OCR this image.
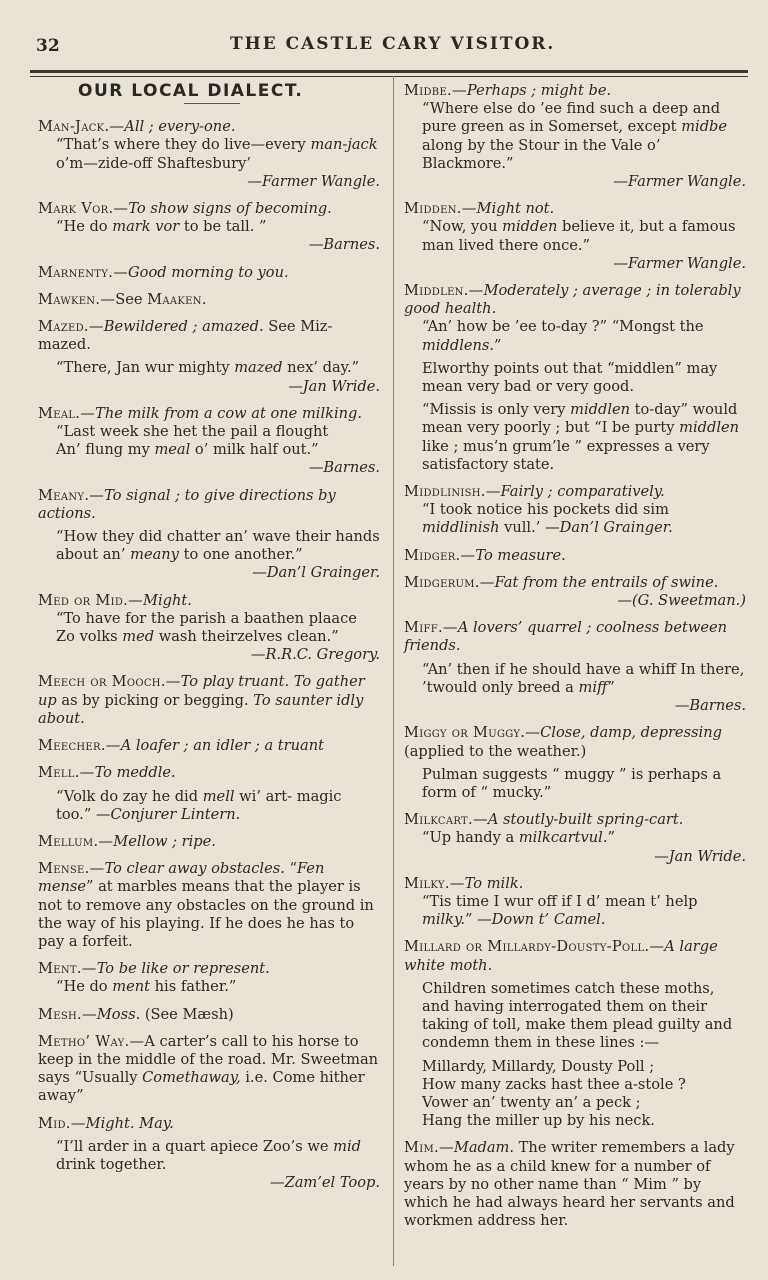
32	THE CASTLE CARY VISITOR.
OUR LOCAL DIALECT.
Man-Jack.—All ; every-one.
“That’s where they do live—every man-jack o’m—zide-off Shaftesbury’
—Farmer Wangle.
Mark Vor.—To show signs of becoming.
“He do mark vor to be tall. ”
—Barnes.
Marnenty.—Good morning to you.
Mawken.—See Maaken.
Mazed.—Bewildered ; amazed. See Miz-mazed.
“There, Jan wur mighty mazed nex’ day.”
—Jan Wride.
Meal.—The milk from a cow at one milking.
“Last week she het the pail a flought
An’ flung my meal o’ milk half out.”
—Barnes.
Meany.—To signal ; to give directions by actions.
“How they did chatter an’ wave their hands about an’ meany to one another.”
—Dan’l Grainger.
Med or Mid.—Might.
“To have for the parish a baathen plaace
Zo volks med wash theirzelves clean.”
—R.R.C. Gregory.
Meech or Mooch.—To play truant. To gather up as by picking or begging. To saunter idly about.
Meecher.—A loafer ; an idler ; a truant
Mell.—To meddle.
“Volk do zay he did mell wi’ art- magic too.” —Conjurer Lintern.
Mellum.—Mellow ; ripe.
Mense.—To clear away obstacles. “Fen mense” at marbles means that the player is not to remove any obstacles on the ground in the way of his playing. If he does he has to pay a forfeit.
Ment.—To be like or represent.
“He do ment his father.”
Mesh.—Moss. (See Mæsh)
Metho’ Way.—A carter’s call to his horse to keep in the middle of the road. Mr. Sweetman says “Usually Comethaway, i.e. Come hither away”
Mid.—Might. May.
“I’ll arder in a quart apiece Zoo’s we mid drink together.
—Zam’el Toop.
Midbe.—Perhaps ; might be.
“Where else do ’ee find such a deep and pure green as in Somerset, except midbe along by the Stour in the Vale o’ Blackmore.”
—Farmer Wangle.
Midden.—Might not.
“Now, you midden believe it, but a famous man lived there once.”
—Farmer Wangle.
Middlen.—Moderately ; average ; in tolerably good health.
“An’ how be ’ee to-day ?” “Mongst the middlens.”
Elworthy points out that “middlen” may mean very bad or very good.
“Missis is only very middlen to-day” would mean very poorly ; but “I be purty middlen like ; mus’n grum’le ” expresses a very satisfactory state.
Middlinish.—Fairly ; comparatively.
“I took notice his pockets did sim middlinish vull.’ —Dan’l Grainger.
Midger.—To measure.
Midgerum.—Fat from the entrails of swine.
—(G. Sweetman.)
Miff.—A lovers’ quarrel ; coolness between friends.
“An’ then if he should have a whiff In there, ’twould only breed a miff”
—Barnes.
Miggy or Muggy.—Close, damp, depressing (applied to the weather.)
Pulman suggests “ muggy ” is perhaps a form of “ mucky.”
Milkcart.—A stoutly-built spring-cart.
“Up handy a milkcartvul.”
—Jan Wride.
Milky.—To milk.
“Tis time I wur off if I d’ mean t’ help milky.” —Down t’ Camel.
Millard or Millardy-Dousty-Poll.—A large white moth.
Children sometimes catch these moths, and having interrogated them on their taking of toll, make them plead guilty and condemn them in these lines :—
Millardy, Millardy, Dousty Poll ;
How many zacks hast thee a-stole ?
Vower an’ twenty an’ a peck ;
Hang the miller up by his neck.
Mim.—Madam. The writer remembers a lady whom he as a child knew for a number of years by no other name than “ Mim ” by which he had always heard her servants and workmen address her.
